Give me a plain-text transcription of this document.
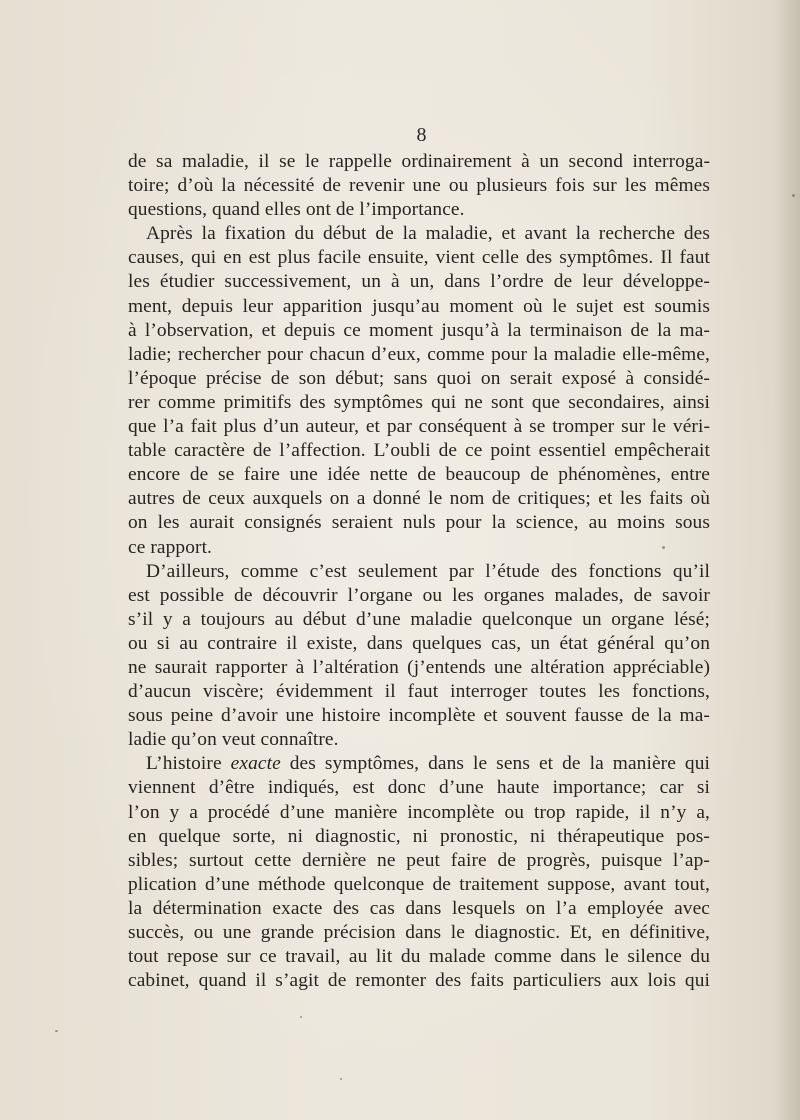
8
de sa maladie, il se le rappelle ordinairement à un second interroga-
toire; d’où la nécessité de revenir une ou plusieurs fois sur les mêmes
questions, quand elles ont de l’importance.
Après la fixation du début de la maladie, et avant la recherche des
causes, qui en est plus facile ensuite, vient celle des symptômes. Il faut
les étudier successivement, un à un, dans l’ordre de leur développe-
ment, depuis leur apparition jusqu’au moment où le sujet est soumis
à l’observation, et depuis ce moment jusqu’à la terminaison de la ma-
ladie; rechercher pour chacun d’eux, comme pour la maladie elle-même,
l’époque précise de son début; sans quoi on serait exposé à considé-
rer comme primitifs des symptômes qui ne sont que secondaires, ainsi
que l’a fait plus d’un auteur, et par conséquent à se tromper sur le véri-
table caractère de l’affection. L’oubli de ce point essentiel empêcherait
encore de se faire une idée nette de beaucoup de phénomènes, entre
autres de ceux auxquels on a donné le nom de critiques; et les faits où
on les aurait consignés seraient nuls pour la science, au moins sous
ce rapport.
D’ailleurs, comme c’est seulement par l’étude des fonctions qu’il
est possible de découvrir l’organe ou les organes malades, de savoir
s’il y a toujours au début d’une maladie quelconque un organe lésé;
ou si au contraire il existe, dans quelques cas, un état général qu’on
ne saurait rapporter à l’altération (j’entends une altération appréciable)
d’aucun viscère; évidemment il faut interroger toutes les fonctions,
sous peine d’avoir une histoire incomplète et souvent fausse de la ma-
ladie qu’on veut connaître.
L’histoire exacte des symptômes, dans le sens et de la manière qui
viennent d’être indiqués, est donc d’une haute importance; car si
l’on y a procédé d’une manière incomplète ou trop rapide, il n’y a,
en quelque sorte, ni diagnostic, ni pronostic, ni thérapeutique pos-
sibles; surtout cette dernière ne peut faire de progrès, puisque l’ap-
plication d’une méthode quelconque de traitement suppose, avant tout,
la détermination exacte des cas dans lesquels on l’a employée avec
succès, ou une grande précision dans le diagnostic. Et, en définitive,
tout repose sur ce travail, au lit du malade comme dans le silence du
cabinet, quand il s’agit de remonter des faits particuliers aux lois qui
